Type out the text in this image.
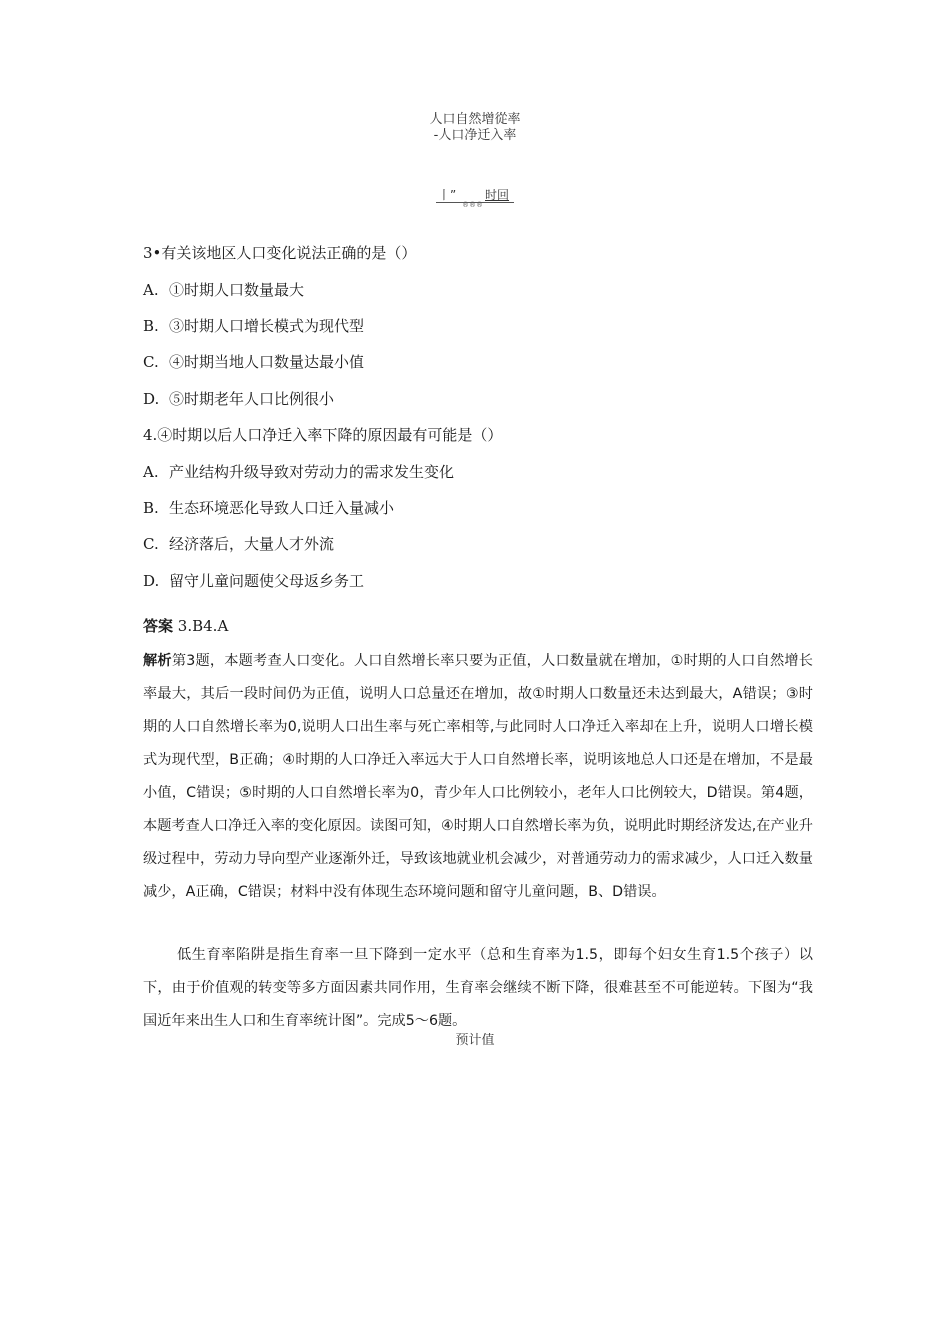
人口自然增從率
-人口净迁入率
丨”
®®®
时回
3•有关该地区人口变化说法正确的是（）
A. ①时期人口数量最大
B. ③时期人口增长模式为现代型
C. ④时期当地人口数量达最小值
D. ⑤时期老年人口比例很小
4.④时期以后人口净迁入率下降的原因最有可能是（）
A. 产业结构升级导致对劳动力的需求发生变化
B. 生态环境恶化导致人口迁入量减小
C. 经济落后，大量人才外流
D. 留守儿童问题使父母返乡务工
答案 3.B4.A
解析第3题，本题考查人口变化。人口自然增长率只要为正值，人口数量就在增加，①时期的人口自然增长率最大，其后一段时间仍为正值，说明人口总量还在增加，故①时期人口数量还未达到最大，A错误；③时期的人口自然增长率为0,说明人口出生率与死亡率相等,与此同时人口净迁入率却在上升，说明人口增长模式为现代型，B正确；④时期的人口净迁入率远大于人口自然增长率，说明该地总人口还是在增加，不是最小值，C错误；⑤时期的人口自然增长率为0，青少年人口比例较小，老年人口比例较大，D错误。第4题，本题考查人口净迁入率的变化原因。读图可知，④时期人口自然增长率为负，说明此时期经济发达,在产业升级过程中，劳动力导向型产业逐渐外迁，导致该地就业机会减少，对普通劳动力的需求减少，人口迁入数量减少，A正确，C错误；材料中没有体现生态环境问题和留守儿童问题，B、D错误。
低生育率陷阱是指生育率一旦下降到一定水平（总和生育率为1.5，即每个妇女生育1.5个孩子）以下，由于价值观的转变等多方面因素共同作用，生育率会继续不断下降，很难甚至不可能逆转。下图为“我国近年来出生人口和生育率统计图”。完成5〜6题。
预计值
